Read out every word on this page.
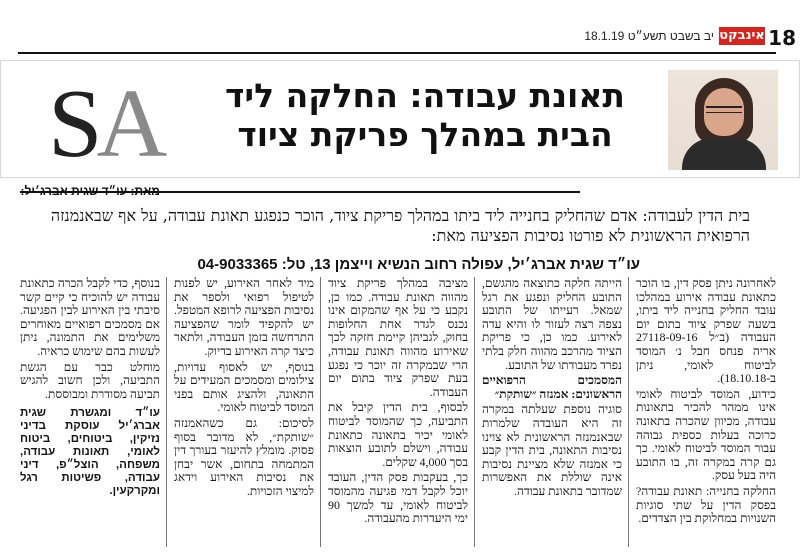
18
אינבקט
יב בשבט תשע״ט 18.1.19
SA	תאונת עבודה: החלקה ליד הבית במהלך פריקת ציוד
בית הדין לעבודה: אדם שהחליק בחנייה ליד ביתו במהלך פריקת ציוד, הוכר כנפגע תאונת עבודה, על אף שבאנמנזה הרפואית הראשונית לא פורטו נסיבות הפציעה מאת:
עו״ד שגית אברג׳יל, עפולה רחוב הנשיא וייצמן 13, טל: 04-9033365

לאחרונה ניתן פסק דין, בו הוכר כתאונת עבודה אירוע במהלכו עובד החליק בחנייה ליד ביתו, בשעה שפרק ציוד בתום יום העבודה (ב״ל 27118-09-16 אריה פנחס חבל נ׳ המוסד לביטוח לאומי, ניתן ב-18.10.18).

כידוע, המוסד לביטוח לאומי אינו ממהר להכיר בתאונות עבודה, מכיוון שהכרה בתאונה כרוכה בעלות כספית גבוהה עבור המוסד לביטוח לאומי. כך גם קרה במקרה זה, בו התובע היה בעל עסק.

החלקה בחנייה: תאונת עבודה? בפסק הדין על שתי סוגיות השנויות במחלוקת בין הצדדים.

הייתה חלקה כתוצאה מהגשם, התובע החליק ונפגע את רגל שמאל. רעייתו של התובע נצפה רצה לעזור לו והיא עדה לאירוע. כמו כן, כי פריקת הציוד מהרכב מהווה חלק בלתי נפרד מעבודתו של התובע.

המסמכים הרפואיים הראשונים: אמנזה ״שותקת״

סוגיה נוספת שעלתה במקרה זה היא העובדה שלמרות שבאנמנזה הראשונית לא צוינו נסיבות התאונה, בית הדין קבע כי אמנזה שלא מציינת נסיבות אינה שוללת את האפשרות שמדובר בתאונת עבודה.

מציבה במהלך פריקת ציוד מהווה תאונת עבודה. כמו כן, נקבע כי על אף שהמקום אינו נכנס לגדר אחת החלופות בחוק, לגביהן קיימת חזקה לכך שאירוע מהווה תאונת עבודה, הרי שבמקרה זה יוכר כי נפגע בעת שפרק ציוד בתום יום העבודה.

לבסוף, בית הדין קיבל את התביעה, כך שהמוסד לביטוח לאומי יכיר בתאונה כתאונת עבודה, וישלם לתובע הוצאות בסך 4,000 שקלים.

כך, בעקבות פסק הדין, העובד יוכל לקבל דמי פגיעה מהמוסד לביטוח לאומי, עד למשך 90 ימי היעדרות מהעבודה.

מיד לאחר האירוע, יש לפנות לטיפול רפואי ולספר את נסיבות הפציעה לרופא המטפל. יש להקפיד לומר שהפציעה התרחשה בזמן העבודה, ולתאר כיצד קרה האירוע בדיוק.

בנוסף, יש לאסוף עדויות, צילומים ומסמכים המעידים על התאונה, ולהציג אותם בפני המוסד לביטוח לאומי.

לסיכום: גם כשהאמנזה ״שותקת״, לא מדובר בסוף פסוק. מומלץ להיעזר בעורך דין המתמחה בתחום, אשר יבחן את נסיבות האירוע וידאג למיצוי הזכויות.

בנוסף, כדי לקבל הכרה כתאונת עבודה יש להוכיח כי קיים קשר סיבתי בין האירוע לבין הפגיעה. אם מסמכים רפואיים מאוחרים משלימים את התמונה, ניתן לעשות בהם שימוש כראיה.

מוחלט כבר עם הגשת התביעה, ולכן חשוב להגיש תביעה מסודרת ומבוססת.

עו״ד ומגשרת שגית אברג׳יל עוסקת בדיני נזיקין, ביטוחים, ביטוח לאומי, תאונות עבודה, משפחה, הוצל״פ, דיני עבודה, פשיטות רגל ומקרקעין.
